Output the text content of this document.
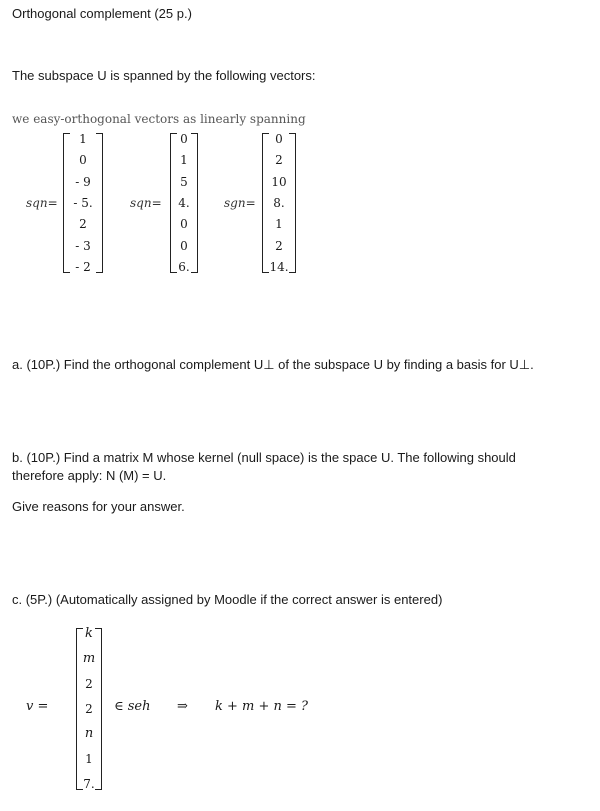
Orthogonal complement (25 p.)
The subspace U is spanned by the following vectors:
we easy-orthogonal vectors as linearly spanning
sqn=
1
0
- 9
- 5.
2
- 3
- 2
sqn=
0
1
5
4.
0
0
6.
sgn=
0
2
10
8.
1
2
14.
a. (10P.) Find the orthogonal complement U⊥ of the subspace U by finding a basis for U⊥.
b. (10P.) Find a matrix M whose kernel (null space) is the space U. The following should
therefore apply: N (M) = U.
Give reasons for your answer.
c. (5P.) (Automatically assigned by Moodle if the correct answer is entered)
v =
k
m
2
2
n
1
7.
∈ seh ⇒ k + m + n = ?
